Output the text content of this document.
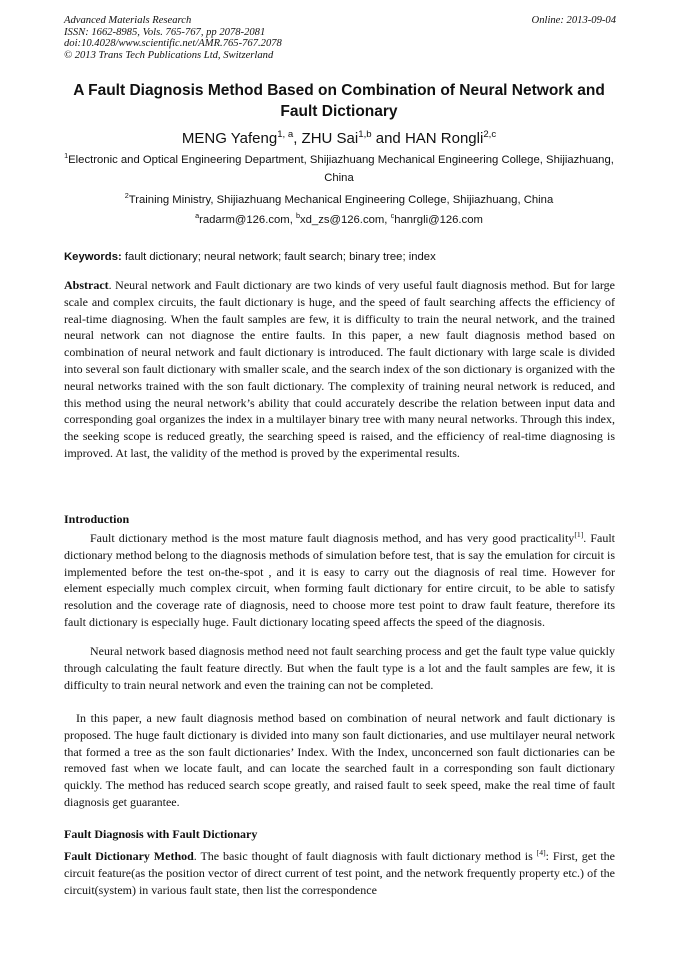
Advanced Materials Research
ISSN: 1662-8985, Vols. 765-767, pp 2078-2081
doi:10.4028/www.scientific.net/AMR.765-767.2078
© 2013 Trans Tech Publications Ltd, Switzerland
Online: 2013-09-04
A Fault Diagnosis Method Based on Combination of Neural Network and Fault Dictionary
MENG Yafeng$^{1, a}$, ZHU Sai$^{1,b}$ and HAN Rongli$^{2,c}$
$^1$Electronic and Optical Engineering Department, Shijiazhuang Mechanical Engineering College, Shijiazhuang, China
$^2$Training Ministry, Shijiazhuang Mechanical Engineering College, Shijiazhuang, China
$^a$radarm@126.com, $^b$xd_zs@126.com, $^c$hanrgli@126.com
Keywords: fault dictionary; neural network; fault search; binary tree; index
Abstract. Neural network and Fault dictionary are two kinds of very useful fault diagnosis method. But for large scale and complex circuits, the fault dictionary is huge, and the speed of fault searching affects the efficiency of real-time diagnosing. When the fault samples are few, it is difficulty to train the neural network, and the trained neural network can not diagnose the entire faults. In this paper, a new fault diagnosis method based on combination of neural network and fault dictionary is introduced. The fault dictionary with large scale is divided into several son fault dictionary with smaller scale, and the search index of the son dictionary is organized with the neural networks trained with the son fault dictionary. The complexity of training neural network is reduced, and this method using the neural network’s ability that could accurately describe the relation between input data and corresponding goal organizes the index in a multilayer binary tree with many neural networks. Through this index, the seeking scope is reduced greatly, the searching speed is raised, and the efficiency of real-time diagnosing is improved. At last, the validity of the method is proved by the experimental results.
Introduction
Fault dictionary method is the most mature fault diagnosis method, and has very good practicality[1]. Fault dictionary method belong to the diagnosis methods of simulation before test, that is say the emulation for circuit is implemented before the test on-the-spot , and it is easy to carry out the diagnosis of real time. However for element especially much complex circuit, when forming fault dictionary for entire circuit, to be able to satisfy resolution and the coverage rate of diagnosis, need to choose more test point to draw fault feature, therefore its fault dictionary is especially huge. Fault dictionary locating speed affects the speed of the diagnosis.
Neural network based diagnosis method need not fault searching process and get the fault type value quickly through calculating the fault feature directly. But when the fault type is a lot and the fault samples are few, it is difficulty to train neural network and even the training can not be completed.
In this paper, a new fault diagnosis method based on combination of neural network and fault dictionary is proposed. The huge fault dictionary is divided into many son fault dictionaries, and use multilayer neural network that formed a tree as the son fault dictionaries’ Index. With the Index, unconcerned son fault dictionaries can be removed fast when we locate fault, and can locate the searched fault in a corresponding son fault dictionary quickly. The method has reduced search scope greatly, and raised fault to seek speed, make the real time of fault diagnosis get guarantee.
Fault Diagnosis with Fault Dictionary
Fault Dictionary Method. The basic thought of fault diagnosis with fault dictionary method is [4]: First, get the circuit feature(as the position vector of direct current of test point, and the network frequently property etc.) of the circuit(system) in various fault state, then list the correspondence
